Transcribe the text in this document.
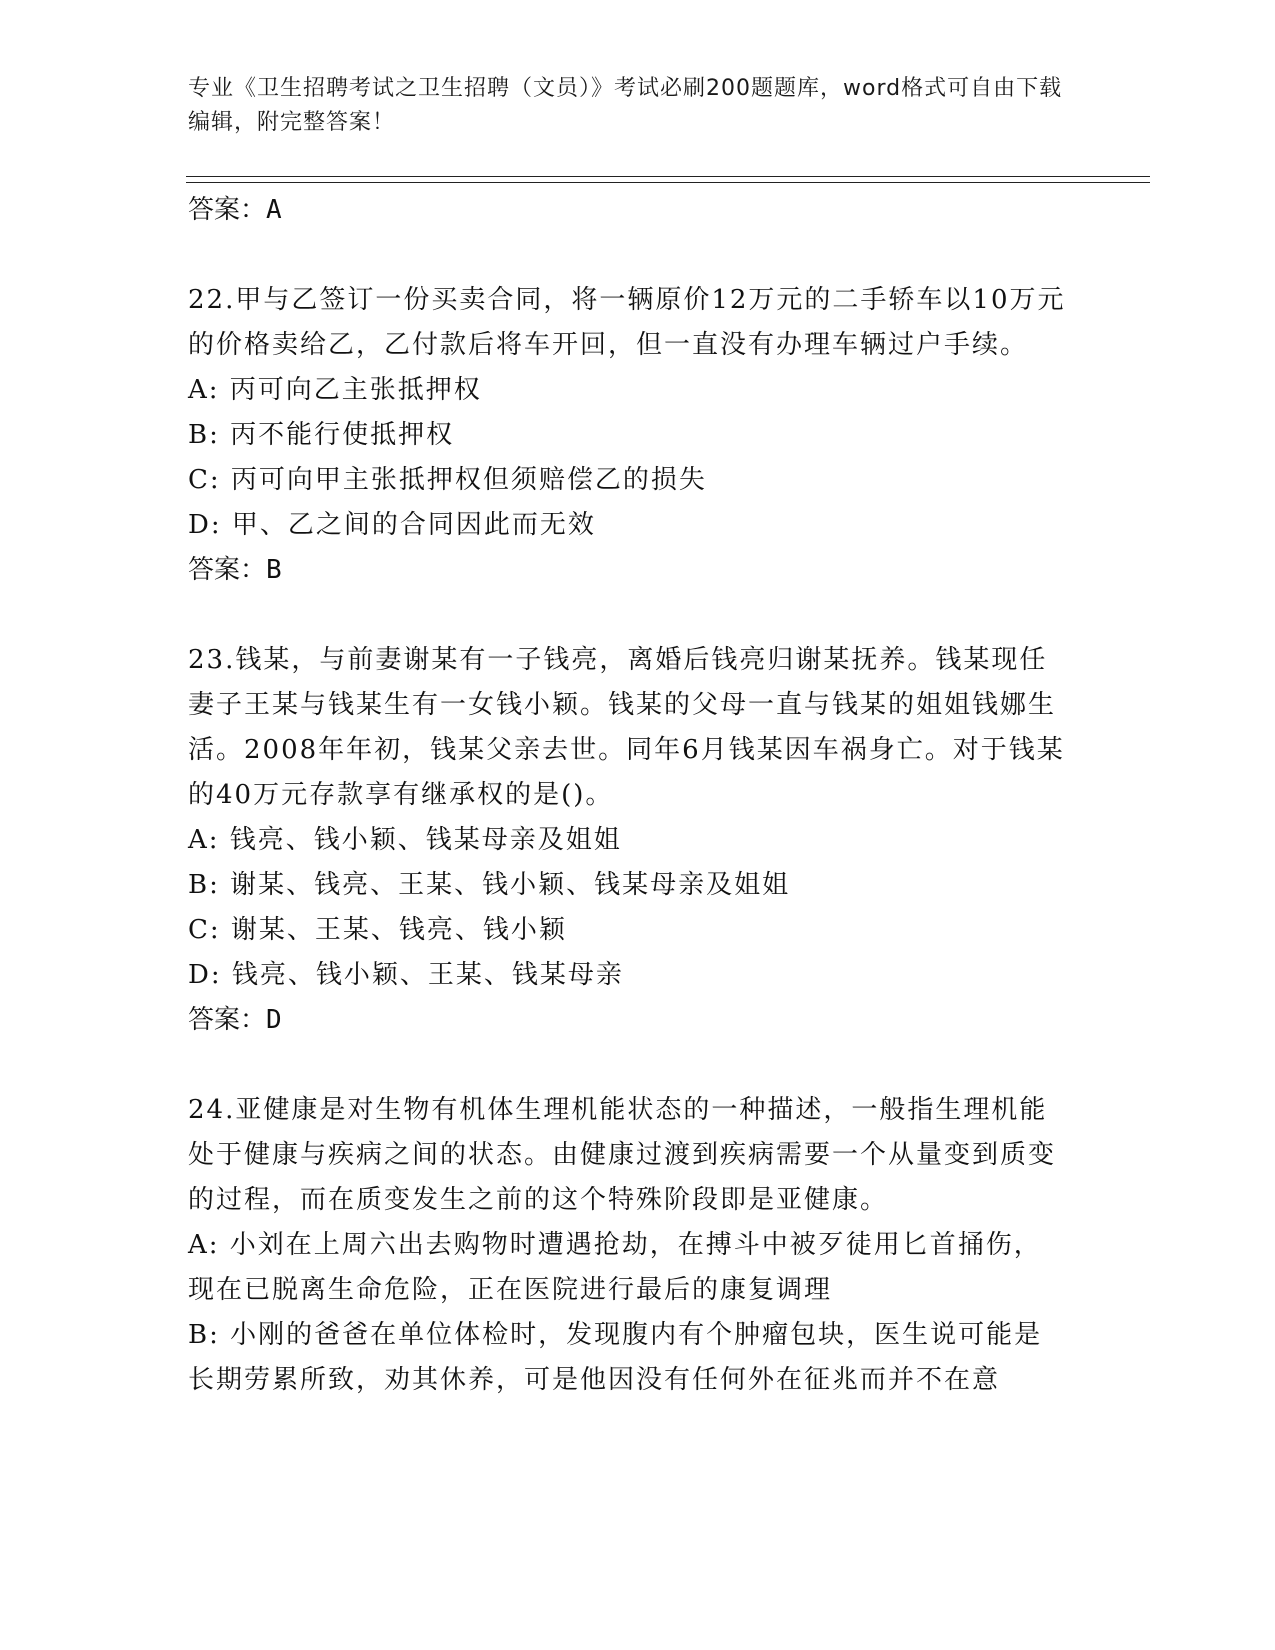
专业《卫生招聘考试之卫生招聘（文员）》考试必刷200题题库，word格式可自由下载编辑，附完整答案！

答案：A

22.甲与乙签订一份买卖合同，将一辆原价12万元的二手轿车以10万元的价格卖给乙，乙付款后将车开回，但一直没有办理车辆过户手续。

A: 丙可向乙主张抵押权

B: 丙不能行使抵押权

C: 丙可向甲主张抵押权但须赔偿乙的损失

D: 甲、乙之间的合同因此而无效

答案：B

23.钱某，与前妻谢某有一子钱亮，离婚后钱亮归谢某抚养。钱某现任妻子王某与钱某生有一女钱小颖。钱某的父母一直与钱某的姐姐钱娜生活。2008年年初，钱某父亲去世。同年6月钱某因车祸身亡。对于钱某的40万元存款享有继承权的是()。

A: 钱亮、钱小颖、钱某母亲及姐姐

B: 谢某、钱亮、王某、钱小颖、钱某母亲及姐姐

C: 谢某、王某、钱亮、钱小颖

D: 钱亮、钱小颖、王某、钱某母亲

答案：D

24.亚健康是对生物有机体生理机能状态的一种描述，一般指生理机能处于健康与疾病之间的状态。由健康过渡到疾病需要一个从量变到质变的过程，而在质变发生之前的这个特殊阶段即是亚健康。

A: 小刘在上周六出去购物时遭遇抢劫，在搏斗中被歹徒用匕首捅伤，现在已脱离生命危险，正在医院进行最后的康复调理

B: 小刚的爸爸在单位体检时，发现腹内有个肿瘤包块，医生说可能是长期劳累所致，劝其休养，可是他因没有任何外在征兆而并不在意
